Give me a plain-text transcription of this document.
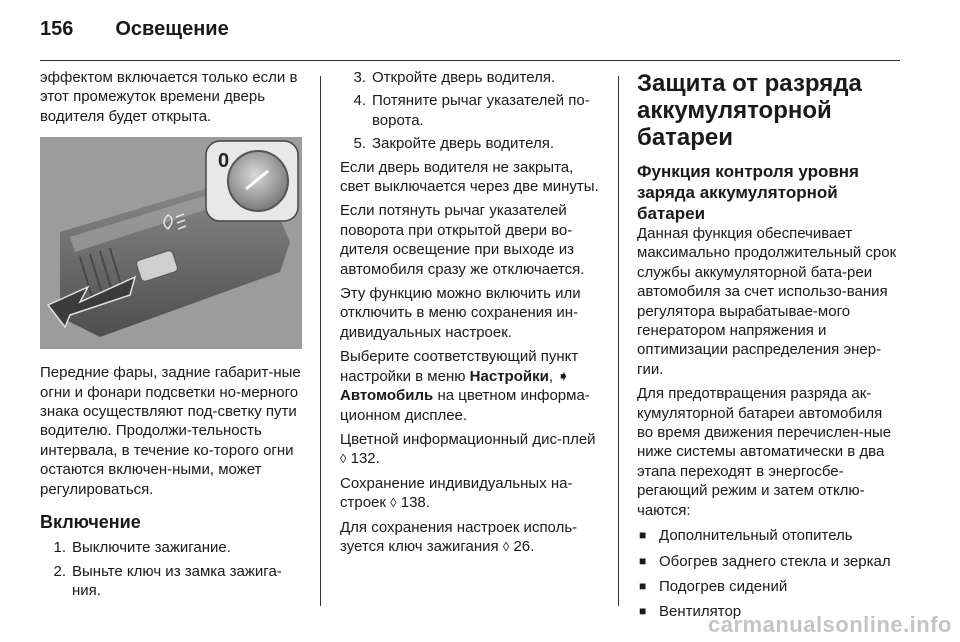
156 Освещение

эффектом включается только если в этот промежуток времени дверь водителя будет открыта.

0

Передние фары, задние габарит-ные огни и фонари подсветки но-мерного знака осуществляют под-светку пути водителю. Продолжи-тельность интервала, в течение ко-торого огни остаются включен-ными, может регулироваться.

Включение
1. Выключите зажигание.
2. Выньте ключ из замка зажига-ния.
3. Откройте дверь водителя.
4. Потяните рычаг указателей по-ворота.
5. Закройте дверь водителя.

Если дверь водителя не закрыта, свет выключается через две минуты.

Если потянуть рычаг указателей поворота при открытой двери во-дителя освещение при выходе из автомобиля сразу же отключается.

Эту функцию можно включить или отключить в меню сохранения ин-дивидуальных настроек.

Выберите соответствующий пункт настройки в меню Настройки, ➧
Автомобиль на цветном информа-ционном дисплее.

Цветной информационный дис-плей ◊ 132.

Сохранение индивидуальных на-строек ◊ 138.

Для сохранения настроек исполь-зуется ключ зажигания ◊ 26.

Защита от разряда аккумуляторной батареи
Функция контроля уровня заряда аккумуляторной батареи

Данная функция обеспечивает максимально продолжительный срок службы аккумуляторной бата-реи автомобиля за счет использо-вания регулятора вырабатывае-мого генератором напряжения и оптимизации распределения энер-гии.

Для предотвращения разряда ак-кумуляторной батареи автомобиля во время движения перечислен-ные ниже системы автоматически в два этапа переходят в энергосбе-регающий режим и затем отклю-чаются:

■ Дополнительный отопитель
■ Обогрев заднего стекла и зеркал
■ Подогрев сидений
■ Вентилятор
carmanualsonline.info
